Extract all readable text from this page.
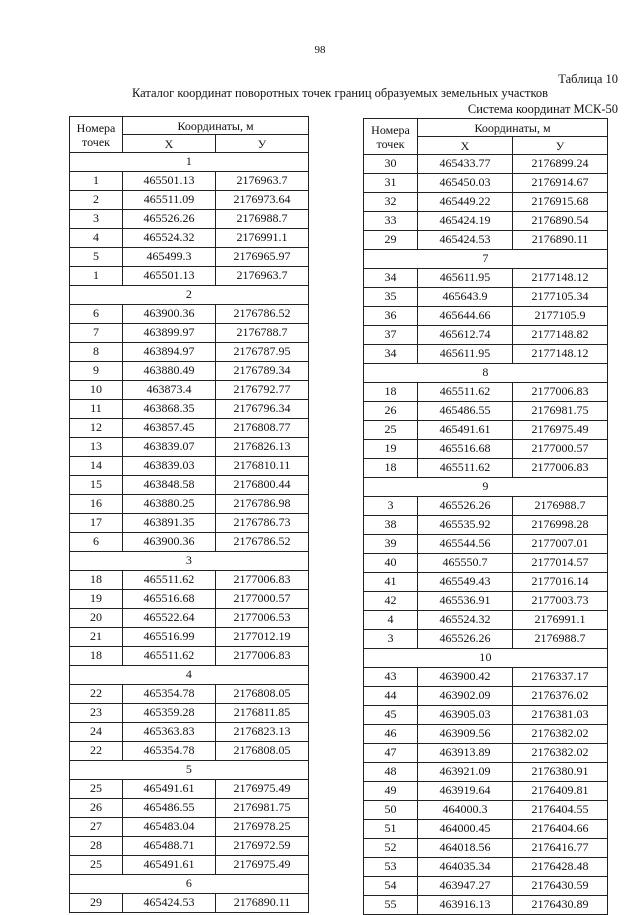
98
Таблица 10
Каталог координат поворотных точек границ образуемых земельных участков
Система координат МСК-50
Номера
точек	Координаты, м	
	X	У
1		
1	465501.13	2176963.7
2	465511.09	2176973.64
3	465526.26	2176988.7
4	465524.32	2176991.1
5	465499.3	2176965.97
1	465501.13	2176963.7
2		
6	463900.36	2176786.52
7	463899.97	2176788.7
8	463894.97	2176787.95
9	463880.49	2176789.34
10	463873.4	2176792.77
11	463868.35	2176796.34
12	463857.45	2176808.77
13	463839.07	2176826.13
14	463839.03	2176810.11
15	463848.58	2176800.44
16	463880.25	2176786.98
17	463891.35	2176786.73
6	463900.36	2176786.52
3		
18	465511.62	2177006.83
19	465516.68	2177000.57
20	465522.64	2177006.53
21	465516.99	2177012.19
18	465511.62	2177006.83
4		
22	465354.78	2176808.05
23	465359.28	2176811.85
24	465363.83	2176823.13
22	465354.78	2176808.05
5		
25	465491.61	2176975.49
26	465486.55	2176981.75
27	465483.04	2176978.25
28	465488.71	2176972.59
25	465491.61	2176975.49
6		
29	465424.53	2176890.11
Номера
точек	Координаты, м	
	X	У
30	465433.77	2176899.24
31	465450.03	2176914.67
32	465449.22	2176915.68
33	465424.19	2176890.54
29	465424.53	2176890.11
7		
34	465611.95	2177148.12
35	465643.9	2177105.34
36	465644.66	2177105.9
37	465612.74	2177148.82
34	465611.95	2177148.12
8		
18	465511.62	2177006.83
26	465486.55	2176981.75
25	465491.61	2176975.49
19	465516.68	2177000.57
18	465511.62	2177006.83
9		
3	465526.26	2176988.7
38	465535.92	2176998.28
39	465544.56	2177007.01
40	465550.7	2177014.57
41	465549.43	2177016.14
42	465536.91	2177003.73
4	465524.32	2176991.1
3	465526.26	2176988.7
10		
43	463900.42	2176337.17
44	463902.09	2176376.02
45	463905.03	2176381.03
46	463909.56	2176382.02
47	463913.89	2176382.02
48	463921.09	2176380.91
49	463919.64	2176409.81
50	464000.3	2176404.55
51	464000.45	2176404.66
52	464018.56	2176416.77
53	464035.34	2176428.48
54	463947.27	2176430.59
55	463916.13	2176430.89
